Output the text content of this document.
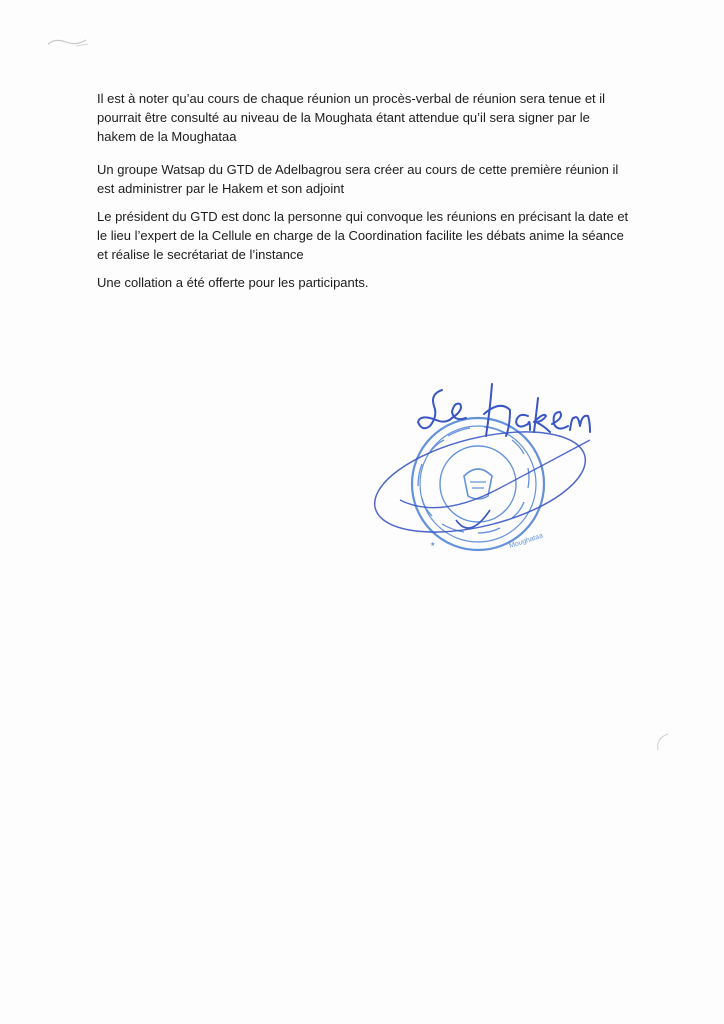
Il est à noter qu’au cours de chaque réunion un procès-verbal de réunion sera tenue et il
pourrait être consulté au niveau de la Moughata étant attendue qu’il sera signer par le
hakem de la Moughataa
Un groupe Watsap du GTD de Adelbagrou sera créer au cours de cette première réunion il
est administrer par le Hakem et son adjoint
Le président du GTD est donc la personne qui convoque les réunions en précisant la date et
le lieu l’expert de la Cellule en charge de la Coordination facilite les débats anime la séance
et réalise le secrétariat de l’instance
Une collation a été offerte pour les participants.
Moughataa
★
